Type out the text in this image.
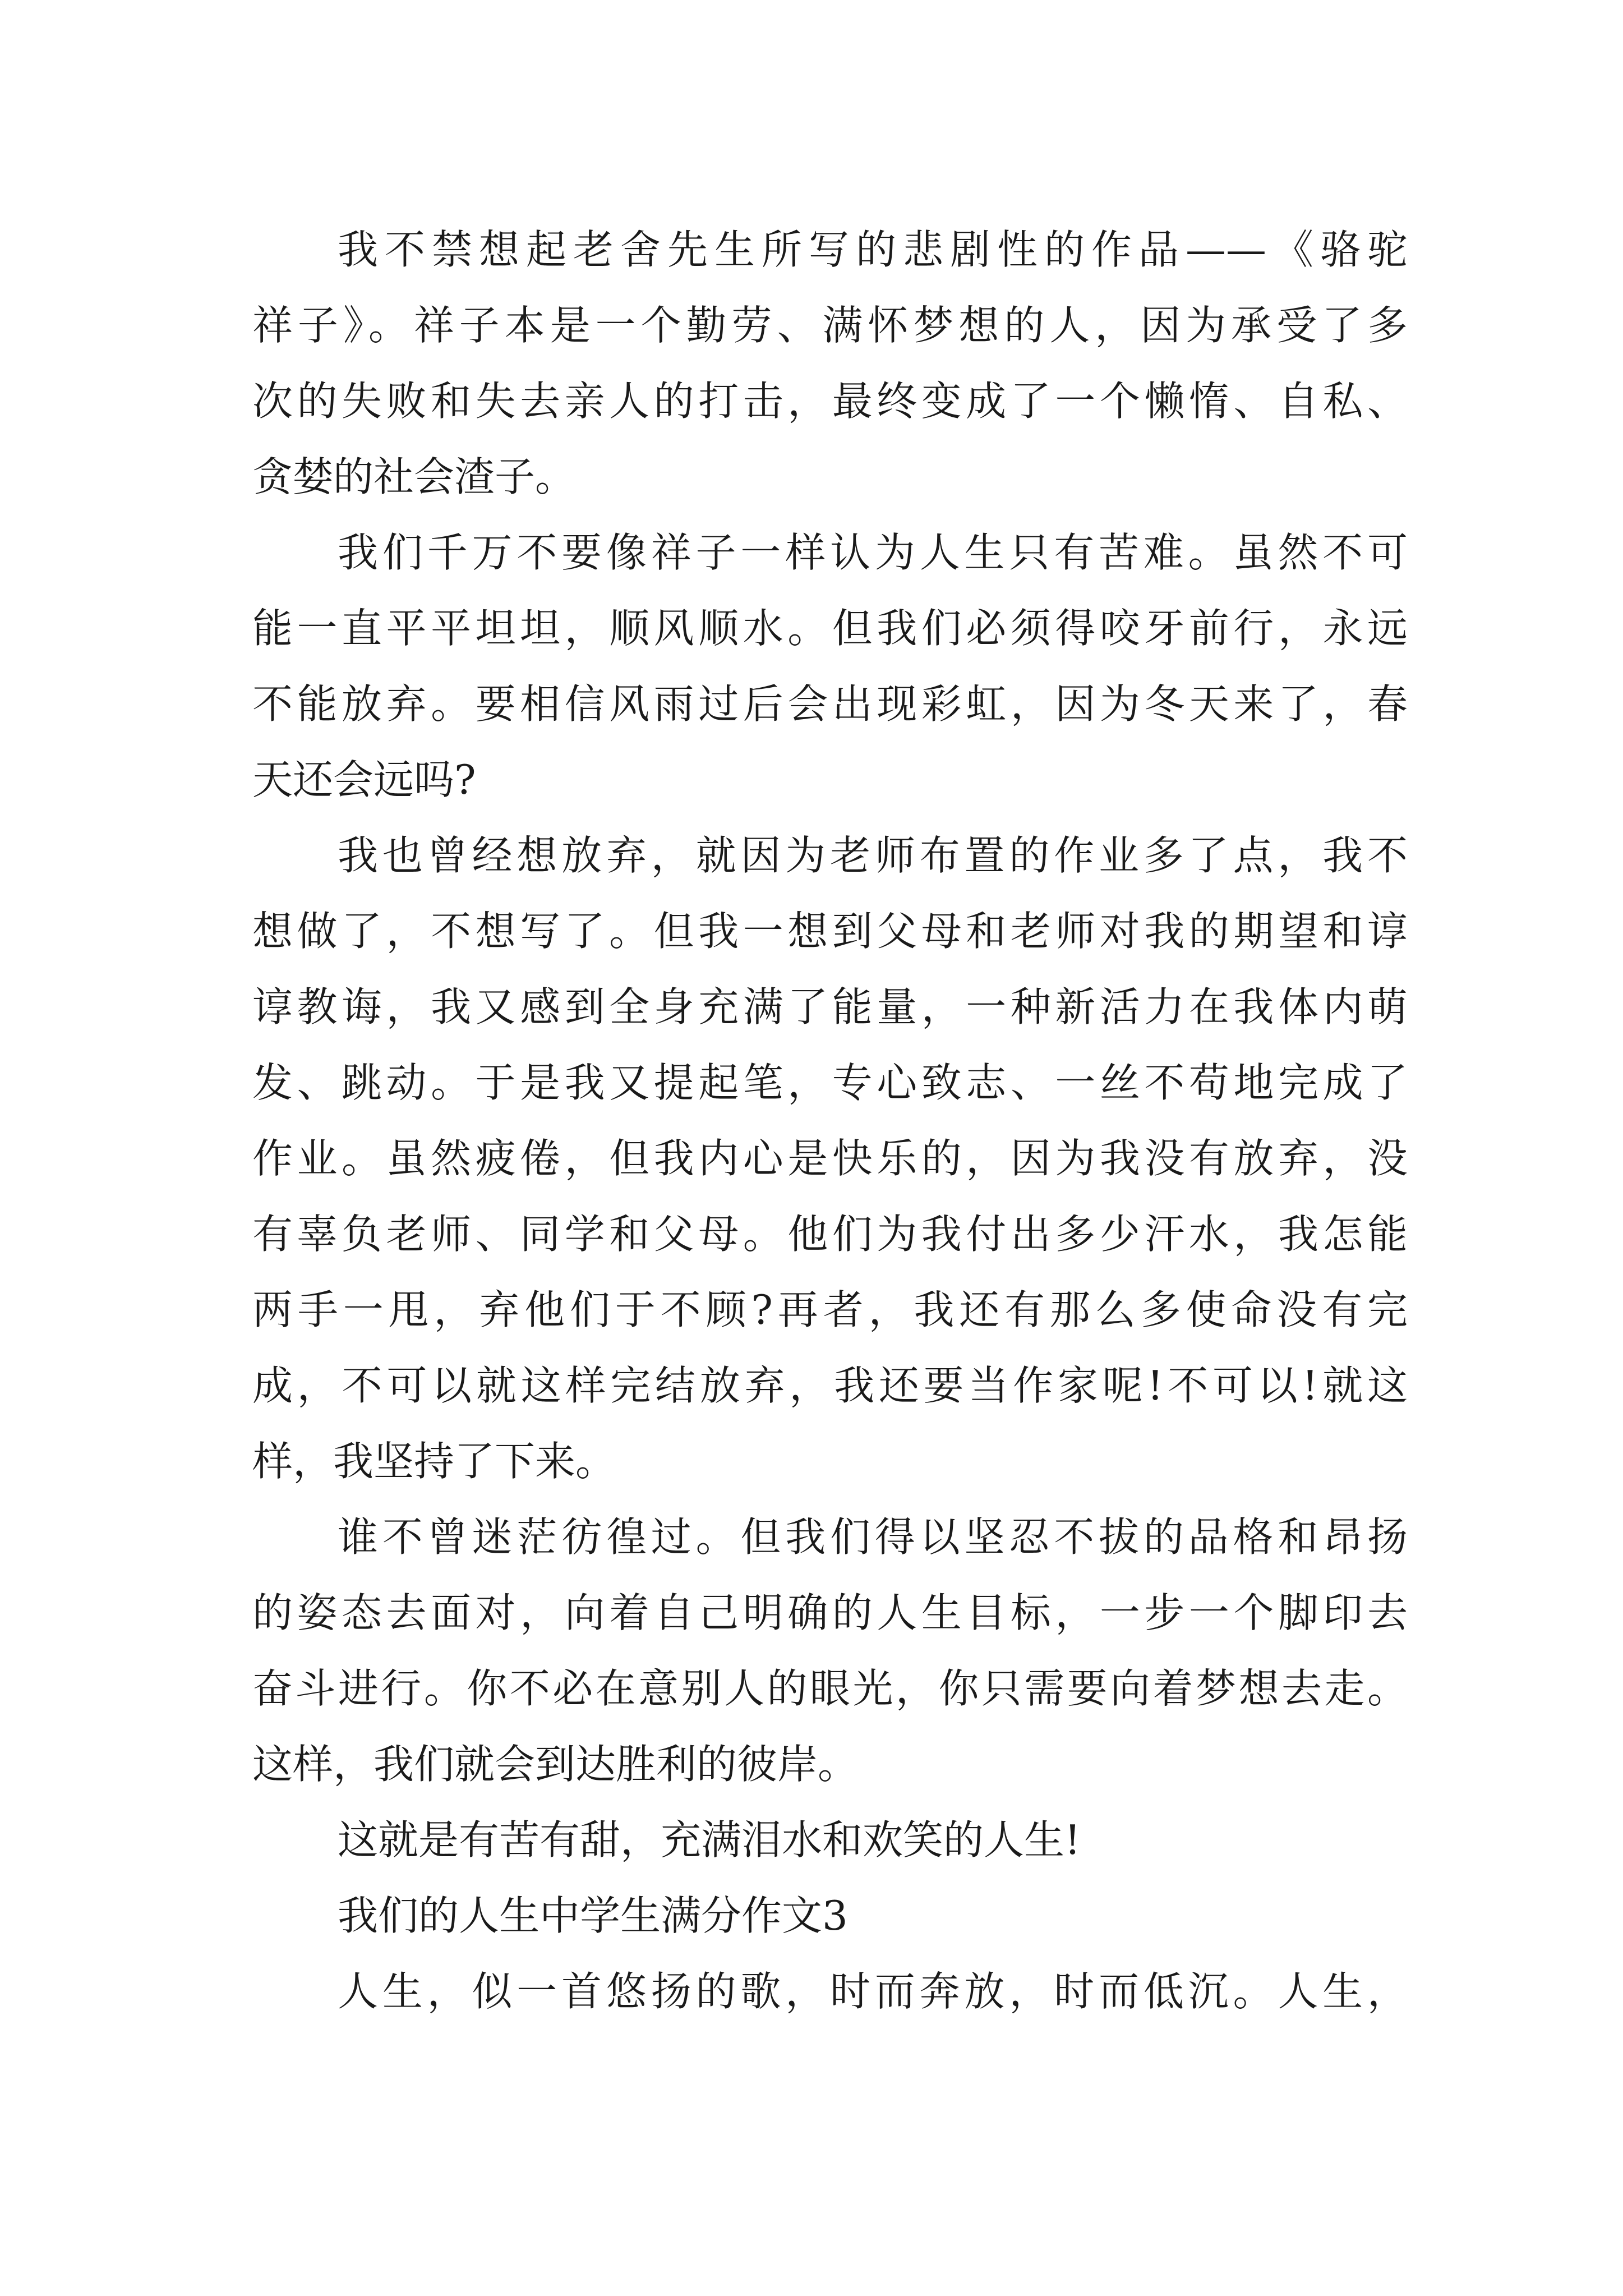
我不禁想起老舍先生所写的悲剧性的作品——《骆驼
祥子》。祥子本是一个勤劳、满怀梦想的人，因为承受了多
次的失败和失去亲人的打击，最终变成了一个懒惰、自私、
贪婪的社会渣子。
我们千万不要像祥子一样认为人生只有苦难。虽然不可
能一直平平坦坦，顺风顺水。但我们必须得咬牙前行，永远
不能放弃。要相信风雨过后会出现彩虹，因为冬天来了，春
天还会远吗?
我也曾经想放弃，就因为老师布置的作业多了点，我不
想做了，不想写了。但我一想到父母和老师对我的期望和谆
谆教诲，我又感到全身充满了能量，一种新活力在我体内萌
发、跳动。于是我又提起笔，专心致志、一丝不苟地完成了
作业。虽然疲倦，但我内心是快乐的，因为我没有放弃，没
有辜负老师、同学和父母。他们为我付出多少汗水，我怎能
两手一甩，弃他们于不顾?再者，我还有那么多使命没有完
成，不可以就这样完结放弃，我还要当作家呢!不可以!就这
样，我坚持了下来。
谁不曾迷茫彷徨过。但我们得以坚忍不拔的品格和昂扬
的姿态去面对，向着自己明确的人生目标，一步一个脚印去
奋斗进行。你不必在意别人的眼光，你只需要向着梦想去走。
这样，我们就会到达胜利的彼岸。
这就是有苦有甜，充满泪水和欢笑的人生!
我们的人生中学生满分作文3
人生，似一首悠扬的歌，时而奔放，时而低沉。人生，
